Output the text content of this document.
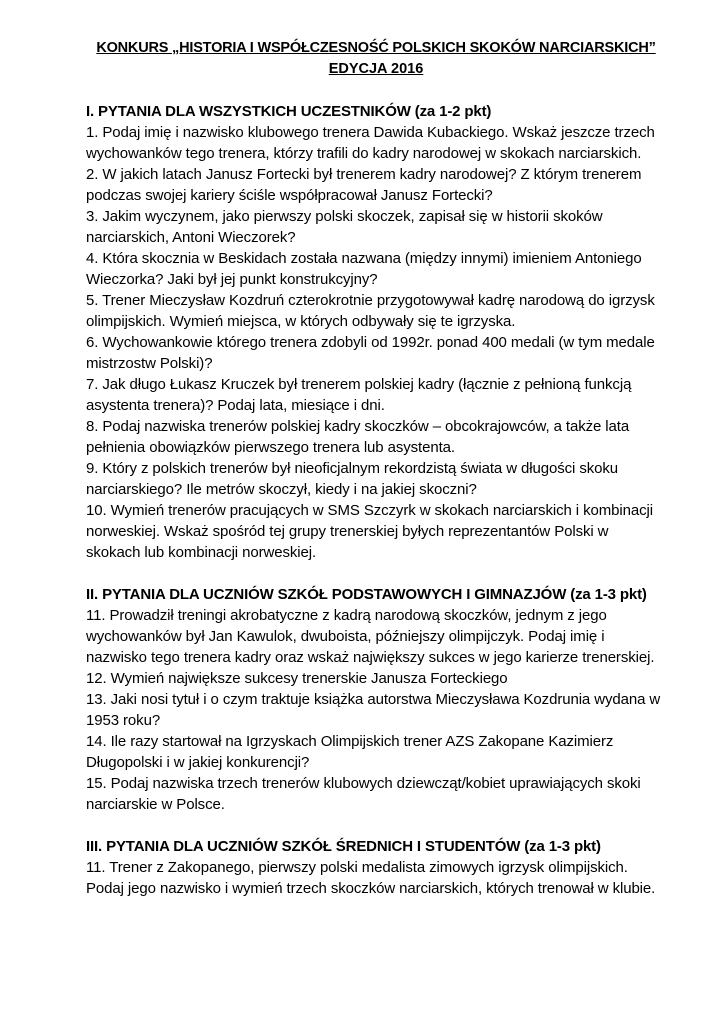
KONKURS „HISTORIA I WSPÓŁCZESNOŚĆ POLSKICH SKOKÓW NARCIARSKICH”
EDYCJA 2016
I. PYTANIA DLA WSZYSTKICH UCZESTNIKÓW (za 1-2 pkt)

1. Podaj imię i nazwisko klubowego trenera Dawida Kubackiego. Wskaż jeszcze trzech wychowanków tego trenera, którzy trafili do kadry narodowej w skokach narciarskich.

2. W jakich latach Janusz Fortecki był trenerem kadry narodowej? Z którym trenerem podczas swojej kariery ściśle współpracował Janusz Fortecki?

3. Jakim wyczynem, jako pierwszy polski skoczek, zapisał się w historii skoków narciarskich, Antoni Wieczorek?

4. Która skocznia w Beskidach została nazwana (między innymi) imieniem Antoniego Wieczorka? Jaki był jej punkt konstrukcyjny?

5. Trener Mieczysław Kozdruń czterokrotnie przygotowywał kadrę narodową do igrzysk olimpijskich. Wymień miejsca, w których odbywały się te igrzyska.

6. Wychowankowie którego trenera zdobyli od 1992r. ponad 400 medali (w tym medale mistrzostw Polski)?

7. Jak długo Łukasz Kruczek był trenerem polskiej kadry (łącznie z pełnioną funkcją asystenta trenera)? Podaj lata, miesiące i dni.

8. Podaj nazwiska trenerów polskiej kadry skoczków – obcokrajowców, a także lata pełnienia obowiązków pierwszego trenera lub asystenta.

9. Który z polskich trenerów był nieoficjalnym rekordzistą świata w długości skoku narciarskiego? Ile metrów skoczył, kiedy i na jakiej skoczni?

10. Wymień trenerów pracujących w SMS Szczyrk w skokach narciarskich i kombinacji norweskiej. Wskaż spośród tej grupy trenerskiej byłych reprezentantów Polski w skokach lub kombinacji norweskiej.

II. PYTANIA DLA UCZNIÓW SZKÓŁ PODSTAWOWYCH I GIMNAZJÓW (za 1-3 pkt)

11. Prowadził treningi akrobatyczne z kadrą narodową skoczków, jednym z jego wychowanków był Jan Kawulok, dwuboista, późniejszy olimpijczyk. Podaj imię i nazwisko tego trenera kadry oraz wskaż największy sukces w jego karierze trenerskiej.

12. Wymień największe sukcesy trenerskie Janusza Forteckiego

13. Jaki nosi tytuł i o czym traktuje książka autorstwa Mieczysława Kozdrunia wydana w 1953 roku?

14. Ile razy startował na Igrzyskach Olimpijskich trener AZS Zakopane Kazimierz Długopolski i w jakiej konkurencji?

15. Podaj nazwiska trzech trenerów klubowych dziewcząt/kobiet uprawiających skoki narciarskie w Polsce.

III. PYTANIA DLA UCZNIÓW SZKÓŁ ŚREDNICH I STUDENTÓW (za 1-3 pkt)

11. Trener z Zakopanego, pierwszy polski medalista zimowych igrzysk olimpijskich. Podaj jego nazwisko i wymień trzech skoczków narciarskich, których trenował w klubie.
